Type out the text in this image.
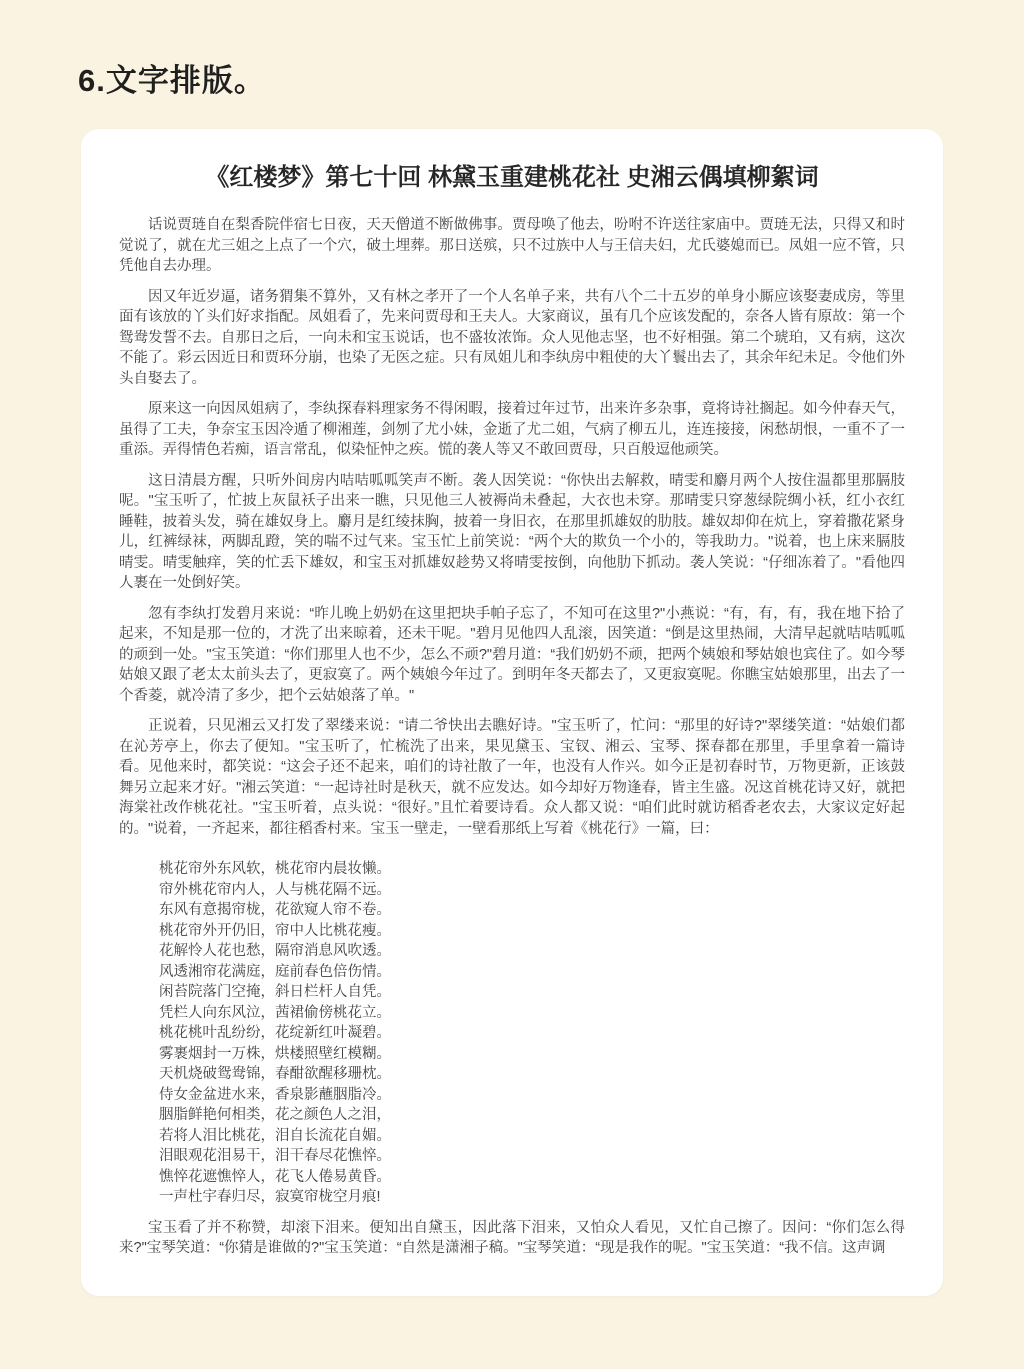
6.文字排版。
《红楼梦》第七十回 林黛玉重建桃花社 史湘云偶填柳絮词

话说贾琏自在梨香院伴宿七日夜，天天僧道不断做佛事。贾母唤了他去，吩咐不许送往家庙中。贾琏无法，只得又和时觉说了，就在尤三姐之上点了一个穴，破土埋葬。那日送殡，只不过族中人与王信夫妇，尤氏婆媳而已。凤姐一应不管，只凭他自去办理。

因又年近岁逼，诸务猬集不算外，又有林之孝开了一个人名单子来，共有八个二十五岁的单身小厮应该娶妻成房，等里面有该放的丫头们好求指配。凤姐看了，先来问贾母和王夫人。大家商议，虽有几个应该发配的，奈各人皆有原故：第一个鸳鸯发誓不去。自那日之后，一向未和宝玉说话，也不盛妆浓饰。众人见他志坚，也不好相强。第二个琥珀，又有病，这次不能了。彩云因近日和贾环分崩，也染了无医之症。只有凤姐儿和李纨房中粗使的大丫鬟出去了，其余年纪未足。令他们外头自娶去了。

原来这一向因凤姐病了，李纨探春料理家务不得闲暇，接着过年过节，出来许多杂事，竟将诗社搁起。如今仲春天气，虽得了工夫，争奈宝玉因冷遁了柳湘莲，剑刎了尤小妹，金逝了尤二姐，气病了柳五儿，连连接接，闲愁胡恨，一重不了一重添。弄得情色若痴，语言常乱，似染怔忡之疾。慌的袭人等又不敢回贾母，只百般逗他顽笑。

这日清晨方醒，只听外间房内咭咭呱呱笑声不断。袭人因笑说：“你快出去解救，晴雯和麝月两个人按住温都里那膈肢呢。"宝玉听了，忙披上灰鼠袄子出来一瞧，只见他三人被褥尚未叠起，大衣也未穿。那晴雯只穿葱绿院绸小袄，红小衣红睡鞋，披着头发，骑在雄奴身上。麝月是红绫抹胸，披着一身旧衣，在那里抓雄奴的肋肢。雄奴却仰在炕上，穿着撒花紧身儿，红裤绿袜，两脚乱蹬，笑的喘不过气来。宝玉忙上前笑说：“两个大的欺负一个小的，等我助力。"说着，也上床来膈肢晴雯。晴雯触痒，笑的忙丢下雄奴，和宝玉对抓雄奴趁势又将晴雯按倒，向他肋下抓动。袭人笑说：“仔细冻着了。"看他四人裹在一处倒好笑。

忽有李纨打发碧月来说：“昨儿晚上奶奶在这里把块手帕子忘了，不知可在这里?"小燕说：“有，有，有，我在地下拾了起来，不知是那一位的，才洗了出来晾着，还未干呢。"碧月见他四人乱滚，因笑道：“倒是这里热闹，大清早起就咭咭呱呱的顽到一处。"宝玉笑道：“你们那里人也不少，怎么不顽?"碧月道：“我们奶奶不顽，把两个姨娘和琴姑娘也宾住了。如今琴姑娘又跟了老太太前头去了，更寂寞了。两个姨娘今年过了。到明年冬天都去了，又更寂寞呢。你瞧宝姑娘那里，出去了一个香菱，就冷清了多少，把个云姑娘落了单。"

正说着，只见湘云又打发了翠缕来说：“请二爷快出去瞧好诗。"宝玉听了，忙问：“那里的好诗?"翠缕笑道：“姑娘们都在沁芳亭上，你去了便知。"宝玉听了，忙梳洗了出来，果见黛玉、宝钗、湘云、宝琴、探春都在那里，手里拿着一篇诗看。见他来时，都笑说：“这会子还不起来，咱们的诗社散了一年，也没有人作兴。如今正是初春时节，万物更新，正该鼓舞另立起来才好。"湘云笑道：“一起诗社时是秋天，就不应发达。如今却好万物逢春，皆主生盛。况这首桃花诗又好，就把海棠社改作桃花社。"宝玉听着，点头说：“很好。”且忙着要诗看。众人都又说：“咱们此时就访稻香老农去，大家议定好起的。"说着，一齐起来，都往稻香村来。宝玉一壁走，一壁看那纸上写着《桃花行》一篇，曰：

桃花帘外东风软，桃花帘内晨妆懒。
帘外桃花帘内人，人与桃花隔不远。
东风有意揭帘栊，花欲窥人帘不卷。
桃花帘外开仍旧，帘中人比桃花瘦。
花解怜人花也愁，隔帘消息风吹透。
风透湘帘花满庭，庭前春色倍伤情。
闲苔院落门空掩，斜日栏杆人自凭。
凭栏人向东风泣，茜裙偷傍桃花立。
桃花桃叶乱纷纷，花绽新红叶凝碧。
雾裹烟封一万株，烘楼照壁红模糊。
天机烧破鸳鸯锦，春酣欲醒移珊枕。
侍女金盆进水来，香泉影蘸胭脂冷。
胭脂鲜艳何相类，花之颜色人之泪，
若将人泪比桃花，泪自长流花自媚。
泪眼观花泪易干，泪干春尽花憔悴。
憔悴花遮憔悴人，花飞人倦易黄昏。
一声杜宇春归尽，寂寞帘栊空月痕!

宝玉看了并不称赞，却滚下泪来。便知出自黛玉，因此落下泪来，又怕众人看见，又忙自己擦了。因问：“你们怎么得来?"宝琴笑道：“你猜是谁做的?"宝玉笑道：“自然是潇湘子稿。"宝琴笑道：“现是我作的呢。"宝玉笑道：“我不信。这声调
